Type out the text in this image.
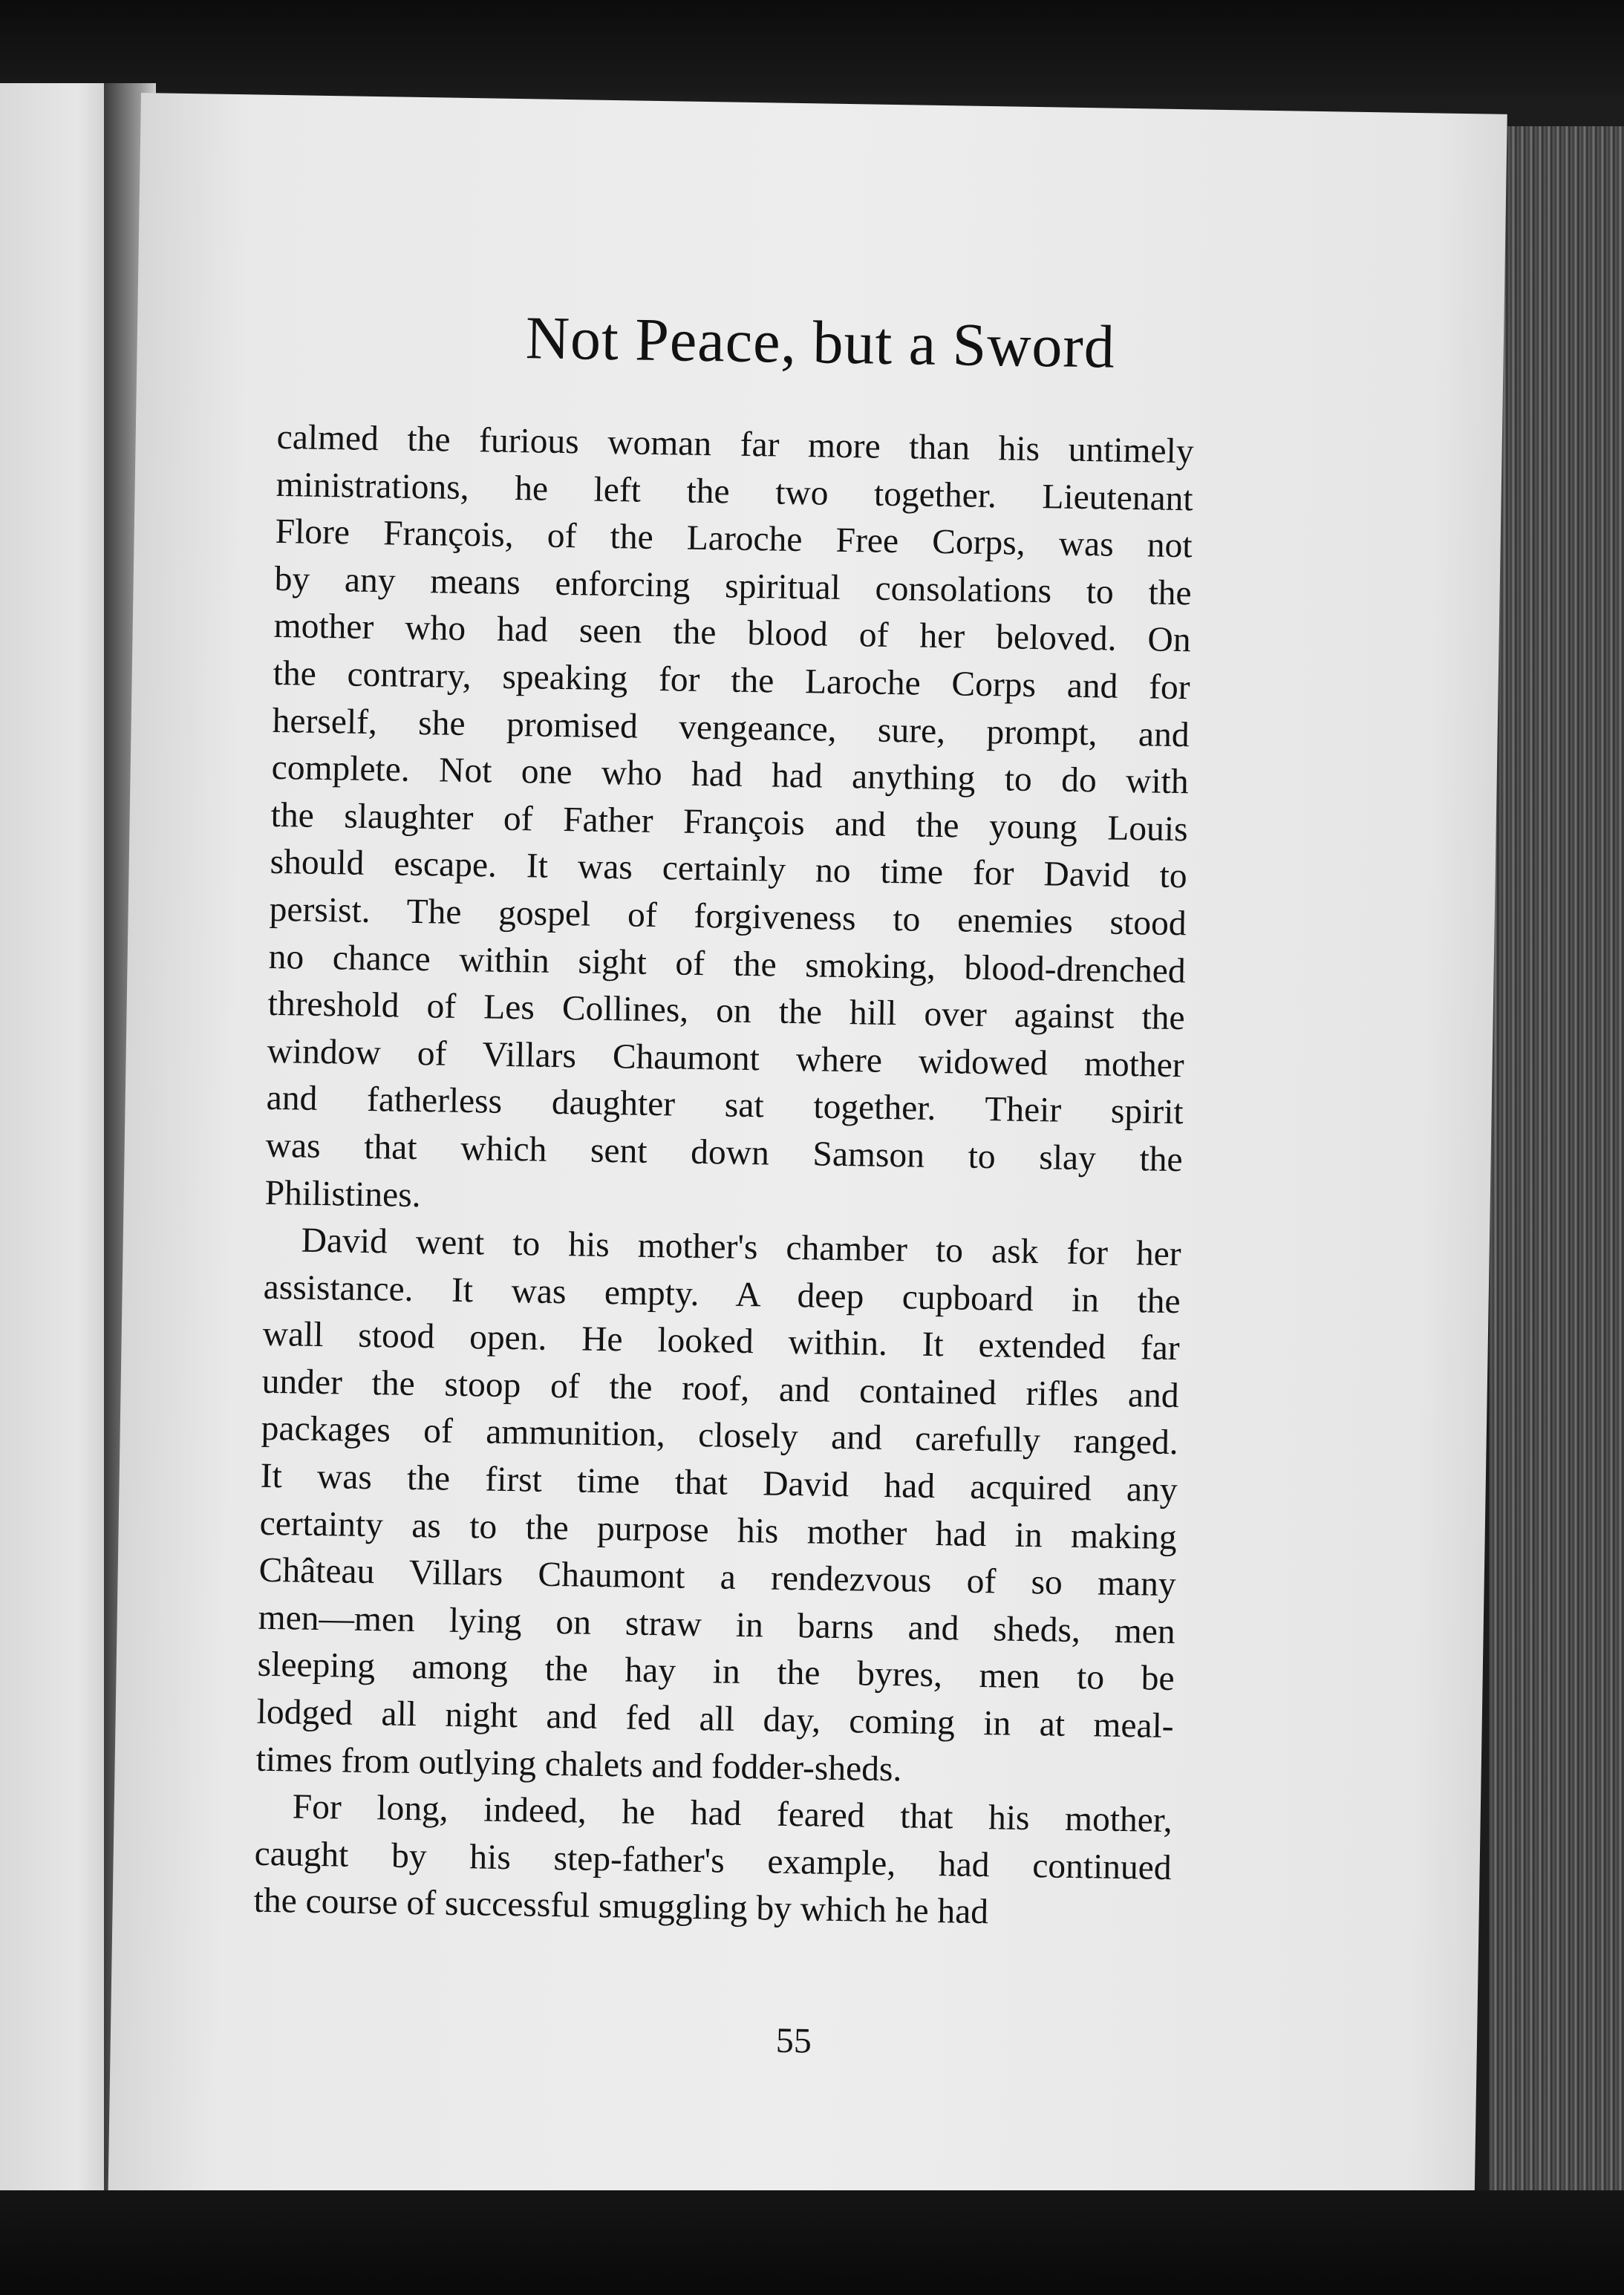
Not Peace, but a Sword
calmed the furious woman far more than his untimely
ministrations, he left the two together. Lieutenant
Flore François, of the Laroche Free Corps, was not
by any means enforcing spiritual consolations to the
mother who had seen the blood of her beloved. On
the contrary, speaking for the Laroche Corps and for
herself, she promised vengeance, sure, prompt, and
complete. Not one who had had anything to do with
the slaughter of Father François and the young Louis
should escape. It was certainly no time for David to
persist. The gospel of forgiveness to enemies stood
no chance within sight of the smoking, blood-drenched
threshold of Les Collines, on the hill over against the
window of Villars Chaumont where widowed mother
and fatherless daughter sat together. Their spirit
was that which sent down Samson to slay the
Philistines.
David went to his mother's chamber to ask for her
assistance. It was empty. A deep cupboard in the
wall stood open. He looked within. It extended far
under the stoop of the roof, and contained rifles and
packages of ammunition, closely and carefully ranged.
It was the first time that David had acquired any
certainty as to the purpose his mother had in making
Château Villars Chaumont a rendezvous of so many
men—men lying on straw in barns and sheds, men
sleeping among the hay in the byres, men to be
lodged all night and fed all day, coming in at meal-
times from outlying chalets and fodder-sheds.
For long, indeed, he had feared that his mother,
caught by his step-father's example, had continued
the course of successful smuggling by which he had
55
